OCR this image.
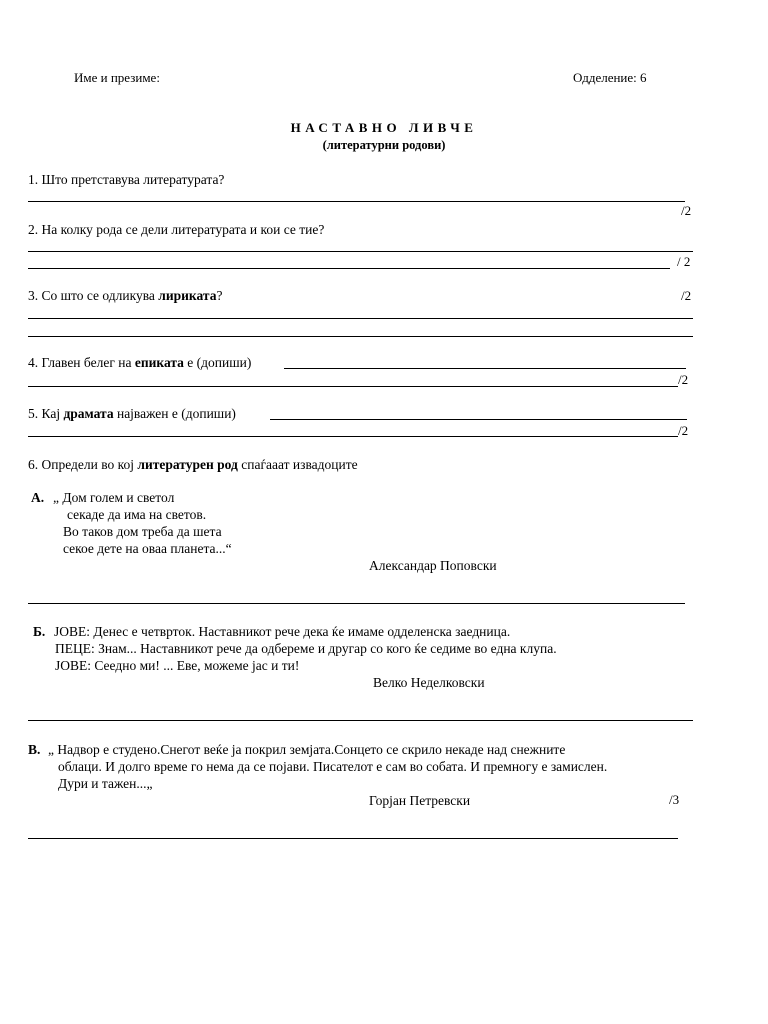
Име и презиме:	Одделение: 6
НАСТАВНО ЛИВЧЕ
(литературни родови)
1. Што претставува литературата?
/2
2. На колку рода се дели литературата и кои се тие?
/ 2
3. Со што се одликува лириката?	/2
4. Главен белег на епиката е (допиши)
/2
5. Кај драмата најважен е (допиши)
/2
6. Определи во кој литературен род спаѓааат извадоците
А. „ Дом голем и светол
секаде да има на светов.
Во таков дом треба да шета
секое дете на оваа планета...“
Александар Поповски
Б. ЈОВЕ: Денес е четврток. Наставникот рече дека ќе имаме одделенска заедница.
ПЕЦЕ: Знам... Наставникот рече да одбереме и другар со кого ќе седиме во една клупа.
ЈОВЕ: Сеедно ми! ... Еве, можеме јас и ти!
Велко Неделковски
В. „ Надвор е студено.Снегот веќе ја покрил земјата.Сонцето се скрило некаде над снежните
облаци. И долго време го нема да се појави. Писателот е сам во собата. И премногу е замислен.
Дури и тажен...„
Горјан Петревски	/3
